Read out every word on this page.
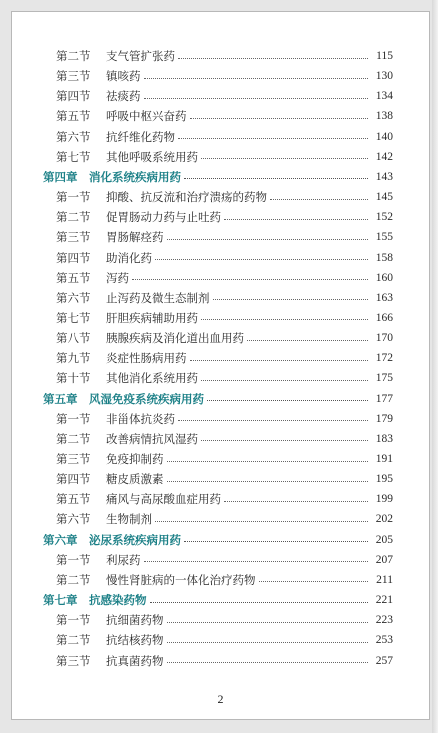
第二节	支气管扩张药	115
第三节	镇咳药	130
第四节	祛痰药	134
第五节	呼吸中枢兴奋药	138
第六节	抗纤维化药物	140
第七节	其他呼吸系统用药	142
第四章	消化系统疾病用药	143
第一节	抑酸、抗反流和治疗溃疡的药物	145
第二节	促胃肠动力药与止吐药	152
第三节	胃肠解痉药	155
第四节	助消化药	158
第五节	泻药	160
第六节	止泻药及微生态制剂	163
第七节	肝胆疾病辅助用药	166
第八节	胰腺疾病及消化道出血用药	170
第九节	炎症性肠病用药	172
第十节	其他消化系统用药	175
第五章	风湿免疫系统疾病用药	177
第一节	非甾体抗炎药	179
第二节	改善病情抗风湿药	183
第三节	免疫抑制药	191
第四节	糖皮质激素	195
第五节	痛风与高尿酸血症用药	199
第六节	生物制剂	202
第六章	泌尿系统疾病用药	205
第一节	利尿药	207
第二节	慢性肾脏病的一体化治疗药物	211
第七章	抗感染药物	221
第一节	抗细菌药物	223
第二节	抗结核药物	253
第三节	抗真菌药物	257
2
